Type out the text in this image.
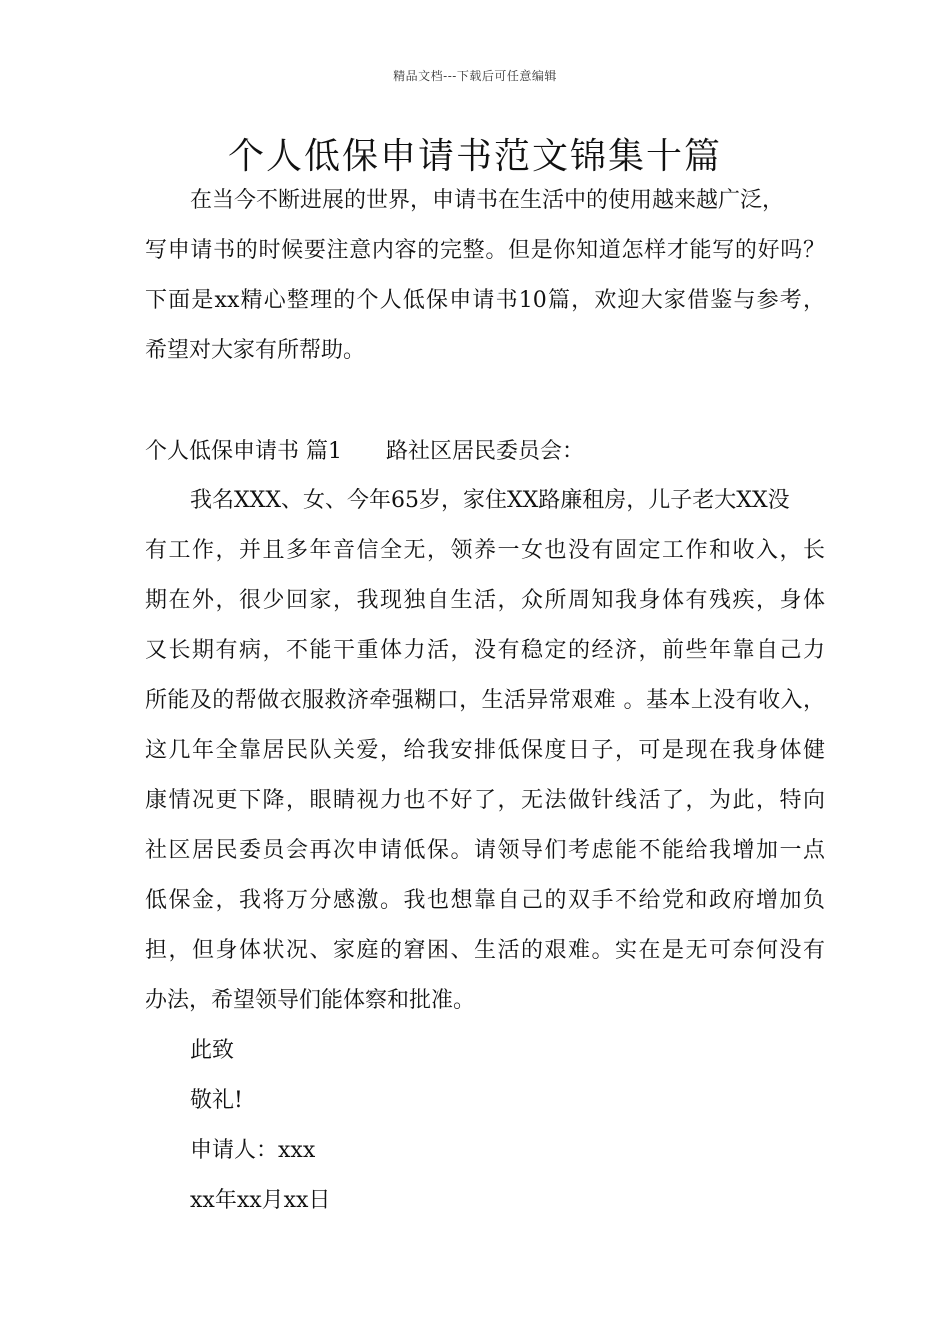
精品文档---下载后可任意编辑
个人低保申请书范文锦集十篇
在当今不断进展的世界，申请书在生活中的使用越来越广泛，
写申请书的时候要注意内容的完整。但是你知道怎样才能写的好吗？
下面是xx精心整理的个人低保申请书10篇，欢迎大家借鉴与参考，
希望对大家有所帮助。
个人低保申请书 篇1 路社区居民委员会：
我名XXX、女、今年65岁，家住XX路廉租房，儿子老大XX没
有工作，并且多年音信全无，领养一女也没有固定工作和收入，长
期在外，很少回家，我现独自生活，众所周知我身体有残疾，身体
又长期有病，不能干重体力活，没有稳定的经济，前些年靠自己力
所能及的帮做衣服救济牵强糊口，生活异常艰难 。基本上没有收入，
这几年全靠居民队关爱，给我安排低保度日子，可是现在我身体健
康情况更下降，眼睛视力也不好了，无法做针线活了，为此，特向
社区居民委员会再次申请低保。请领导们考虑能不能给我增加一点
低保金，我将万分感激。我也想靠自己的双手不给党和政府增加负
担，但身体状况、家庭的窘困、生活的艰难。实在是无可奈何没有
办法，希望领导们能体察和批准。
此致
敬礼!
申请人：xxx
xx年xx月xx日
